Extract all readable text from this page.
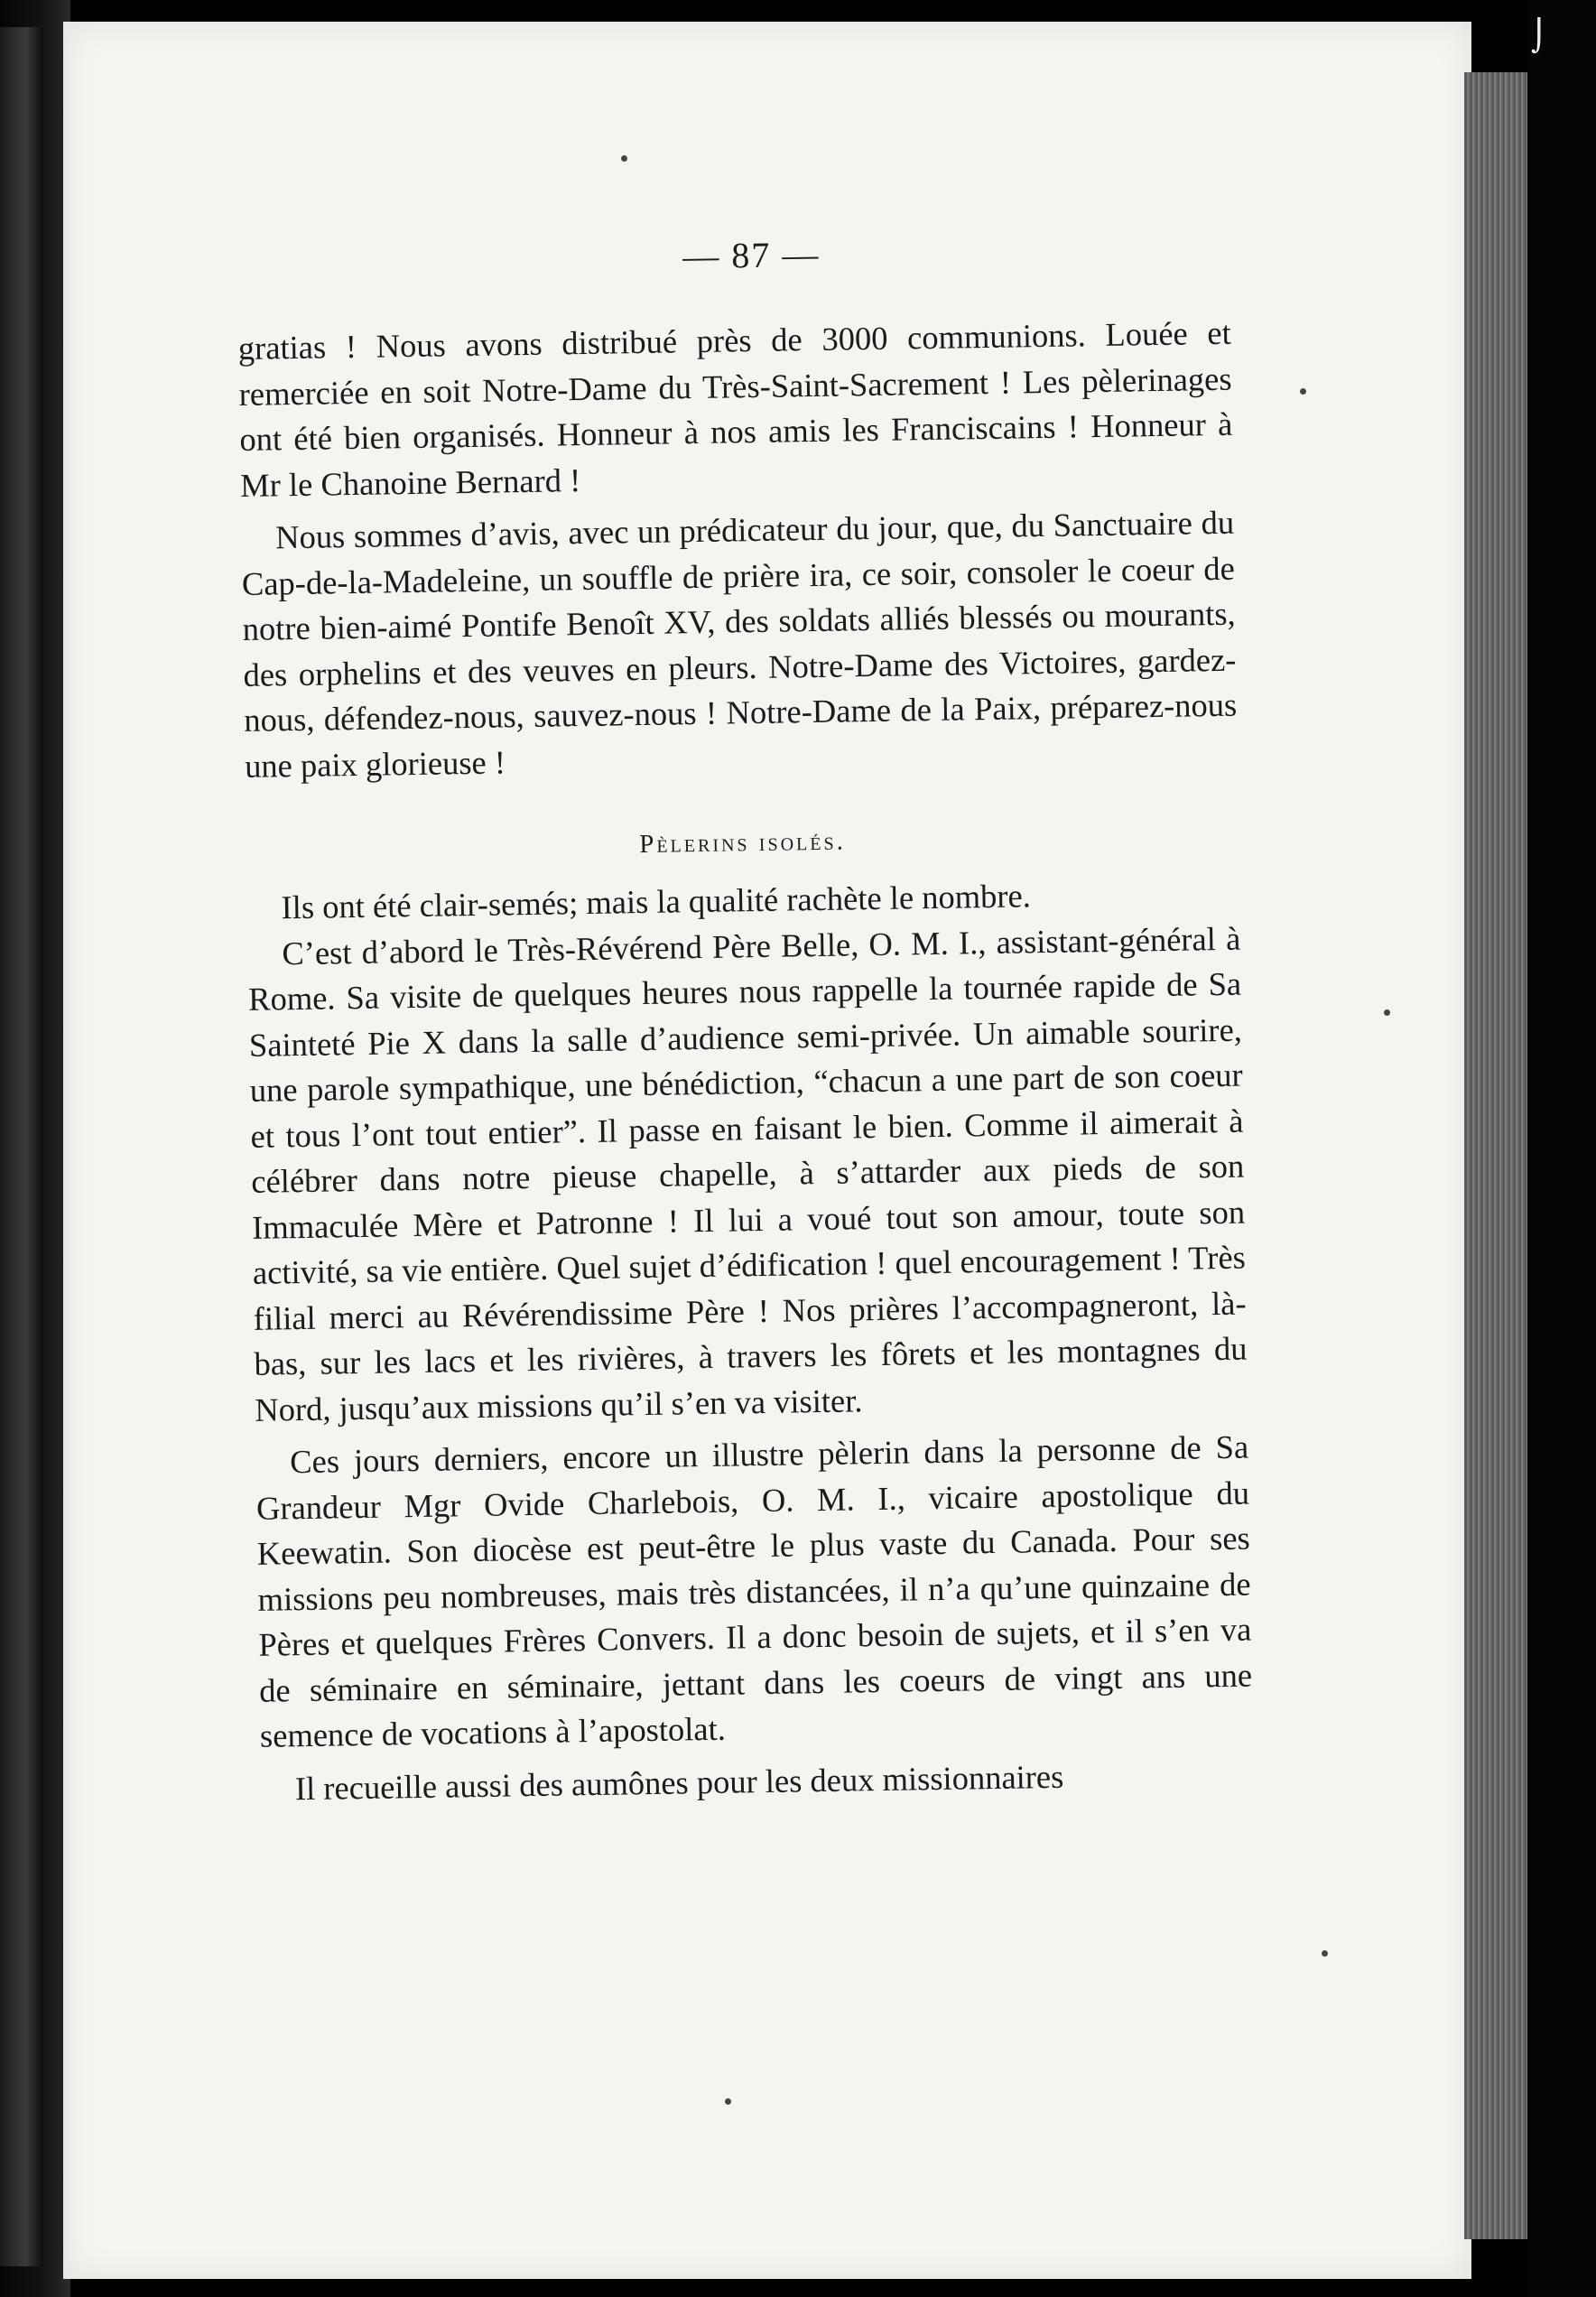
⌡
— 87 —

gratias ! Nous avons distribué près de 3000 communions. Louée et remerciée en soit Notre-Dame du Très-Saint-Sacrement ! Les pèlerinages ont été bien organisés. Honneur à nos amis les Franciscains ! Honneur à Mr le Chanoine Bernard !

Nous sommes d’avis, avec un prédicateur du jour, que, du Sanctuaire du Cap-de-la-Madeleine, un souffle de prière ira, ce soir, consoler le coeur de notre bien-aimé Pontife Benoît XV, des soldats alliés blessés ou mourants, des orphelins et des veuves en pleurs. Notre-Dame des Victoires, gardez-nous, défendez-nous, sauvez-nous ! Notre-Dame de la Paix, préparez-nous une paix glorieuse !

Pèlerins isolés.

Ils ont été clair-semés; mais la qualité rachète le nombre.

C’est d’abord le Très-Révérend Père Belle, O. M. I., assistant-général à Rome. Sa visite de quelques heures nous rappelle la tournée rapide de Sa Sainteté Pie X dans la salle d’audience semi-privée. Un aimable sourire, une parole sympathique, une bénédiction, “chacun a une part de son coeur et tous l’ont tout entier”. Il passe en faisant le bien. Comme il aimerait à célébrer dans notre pieuse chapelle, à s’attarder aux pieds de son Immaculée Mère et Patronne ! Il lui a voué tout son amour, toute son activité, sa vie entière. Quel sujet d’édification ! quel encouragement ! Très filial merci au Révérendissime Père ! Nos prières l’accompagneront, là-bas, sur les lacs et les rivières, à travers les fôrets et les montagnes du Nord, jusqu’aux missions qu’il s’en va visiter.

Ces jours derniers, encore un illustre pèlerin dans la personne de Sa Grandeur Mgr Ovide Charlebois, O. M. I., vicaire apostolique du Keewatin. Son diocèse est peut-être le plus vaste du Canada. Pour ses missions peu nombreuses, mais très distancées, il n’a qu’une quinzaine de Pères et quelques Frères Convers. Il a donc besoin de sujets, et il s’en va de séminaire en séminaire, jettant dans les coeurs de vingt ans une semence de vocations à l’apostolat.

Il recueille aussi des aumônes pour les deux missionnaires
